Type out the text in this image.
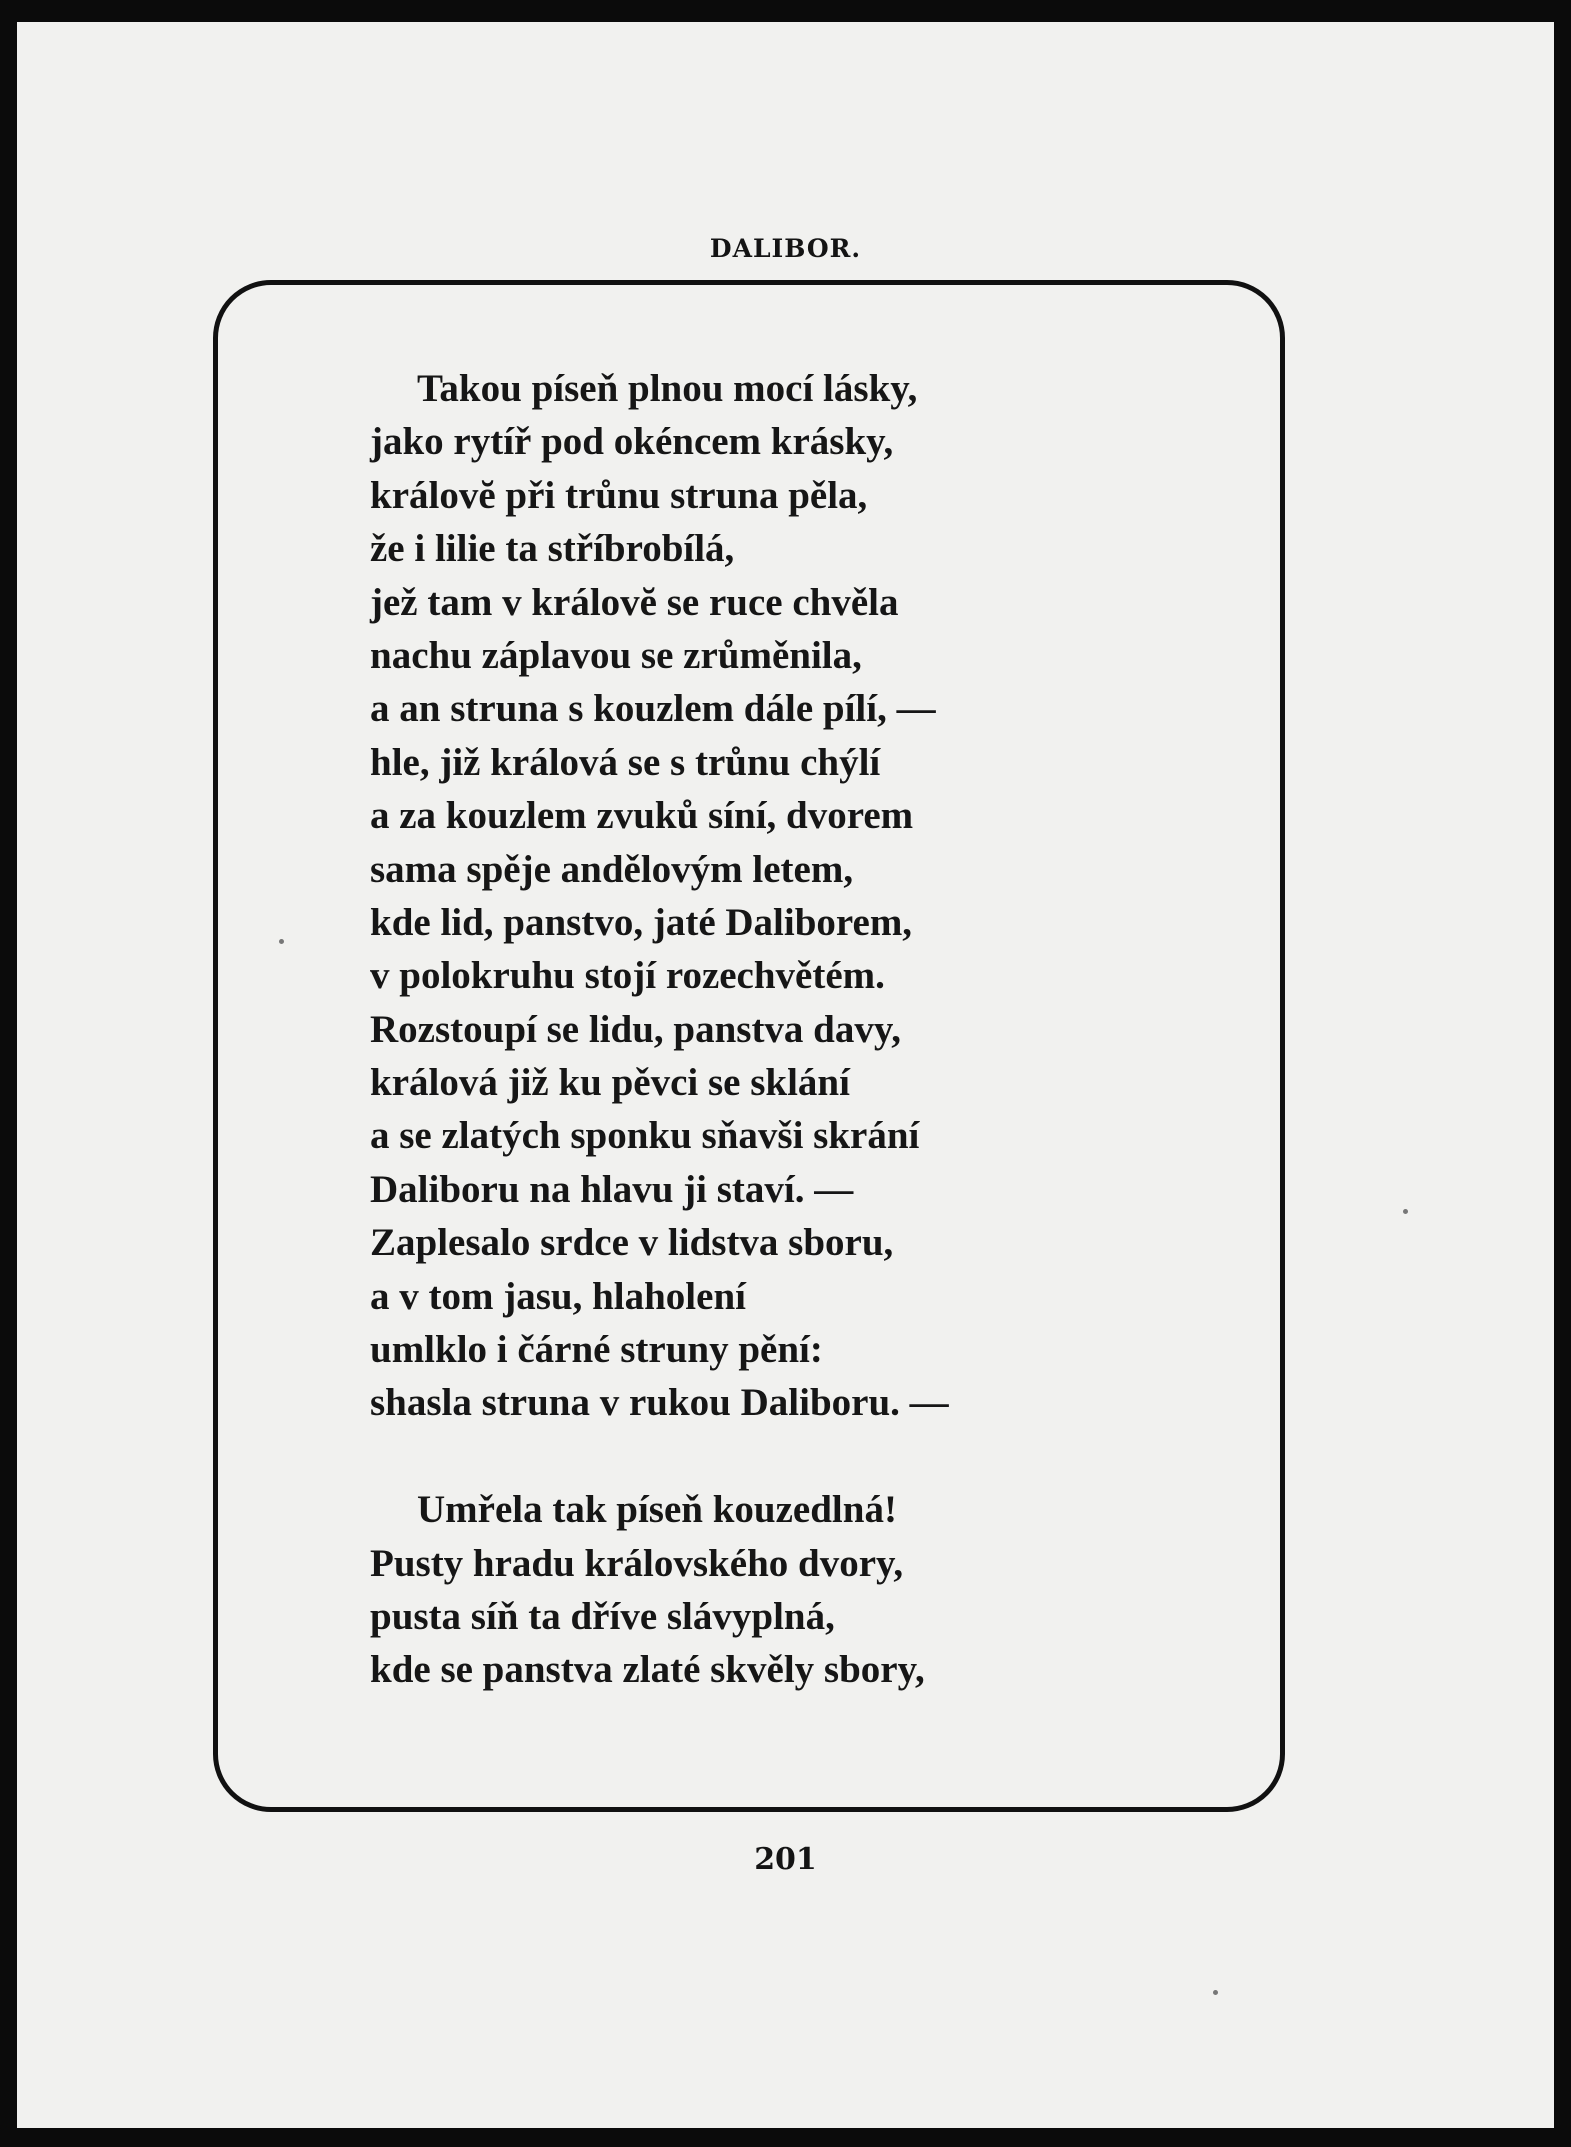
DALIBOR.
Takou píseň plnou mocí lásky,
jako rytíř pod okéncem krásky,
královĕ při trůnu struna pěla,
že i lilie ta stříbrobílá,
jež tam v královĕ se ruce chvěla
nachu záplavou se zrůměnila,
a an struna s kouzlem dále pílí, —
hle, již králová se s trůnu chýlí
a za kouzlem zvuků síní, dvorem
sama spěje andělovým letem,
kde lid, panstvo, jaté Daliborem,
v polokruhu stojí rozechvětém.
Rozstoupí se lidu, panstva davy,
králová již ku pěvci se sklání
a se zlatých sponku sňavši skrání
Daliboru na hlavu ji staví. —
Zaplesalo srdce v lidstva sboru,
a v tom jasu, hlaholení
umlklo i čárné struny pění:
shasla struna v rukou Daliboru. —
Umřela tak píseň kouzedlná!
Pusty hradu královského dvory,
pusta síň ta dříve slávyplná,
kde se panstva zlaté skvěly sbory,
201
